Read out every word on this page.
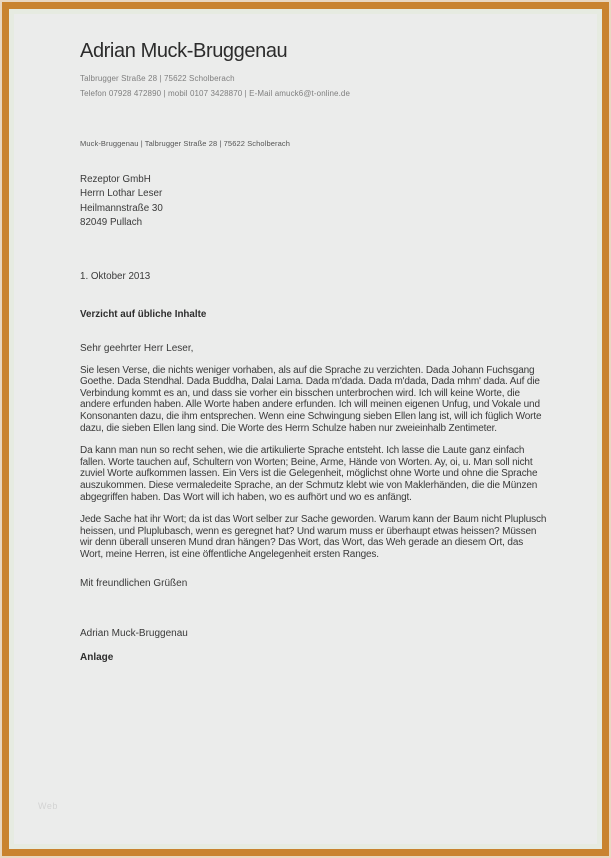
Adrian Muck-Bruggenau
Talbrugger Straße 28 | 75622 Scholberach
Telefon 07928 472890 | mobil 0107 3428870 | E-Mail amuck6@t-online.de
Muck-Bruggenau | Talbrugger Straße 28 | 75622 Scholberach
Rezeptor GmbH
Herrn Lothar Leser
Heilmannstraße 30
82049 Pullach
1. Oktober 2013
Verzicht auf übliche Inhalte
Sehr geehrter Herr Leser,

Sie lesen Verse, die nichts weniger vorhaben, als auf die Sprache zu verzichten. Dada Johann Fuchsgang Goethe. Dada Stendhal. Dada Buddha, Dalai Lama. Dada m'dada. Dada m'dada, Dada mhm' dada. Auf die Verbindung kommt es an, und dass sie vorher ein bisschen unterbrochen wird. Ich will keine Worte, die andere erfunden haben. Alle Worte haben andere erfunden. Ich will meinen eigenen Unfug, und Vokale und Konsonanten dazu, die ihm entsprechen. Wenn eine Schwingung sieben Ellen lang ist, will ich füglich Worte dazu, die sieben Ellen lang sind. Die Worte des Herrn Schulze haben nur zweieinhalb Zentimeter.

Da kann man nun so recht sehen, wie die artikulierte Sprache entsteht. Ich lasse die Laute ganz einfach fallen. Worte tauchen auf, Schultern von Worten; Beine, Arme, Hände von Worten. Ay, oi, u. Man soll nicht zuviel Worte aufkommen lassen. Ein Vers ist die Gelegenheit, möglichst ohne Worte und ohne die Sprache auszukommen. Diese vermaledeite Sprache, an der Schmutz klebt wie von Maklerhänden, die die Münzen abgegriffen haben. Das Wort will ich haben, wo es aufhört und wo es anfängt.

Jede Sache hat ihr Wort; da ist das Wort selber zur Sache geworden. Warum kann der Baum nicht Pluplusch heissen, und Pluplubasch, wenn es geregnet hat? Und warum muss er überhaupt etwas heissen? Müssen wir denn überall unseren Mund dran hängen? Das Wort, das Wort, das Weh gerade an diesem Ort, das Wort, meine Herren, ist eine öffentliche Angelegenheit ersten Ranges.

Mit freundlichen Grüßen
Adrian Muck-Bruggenau
Anlage
Web
